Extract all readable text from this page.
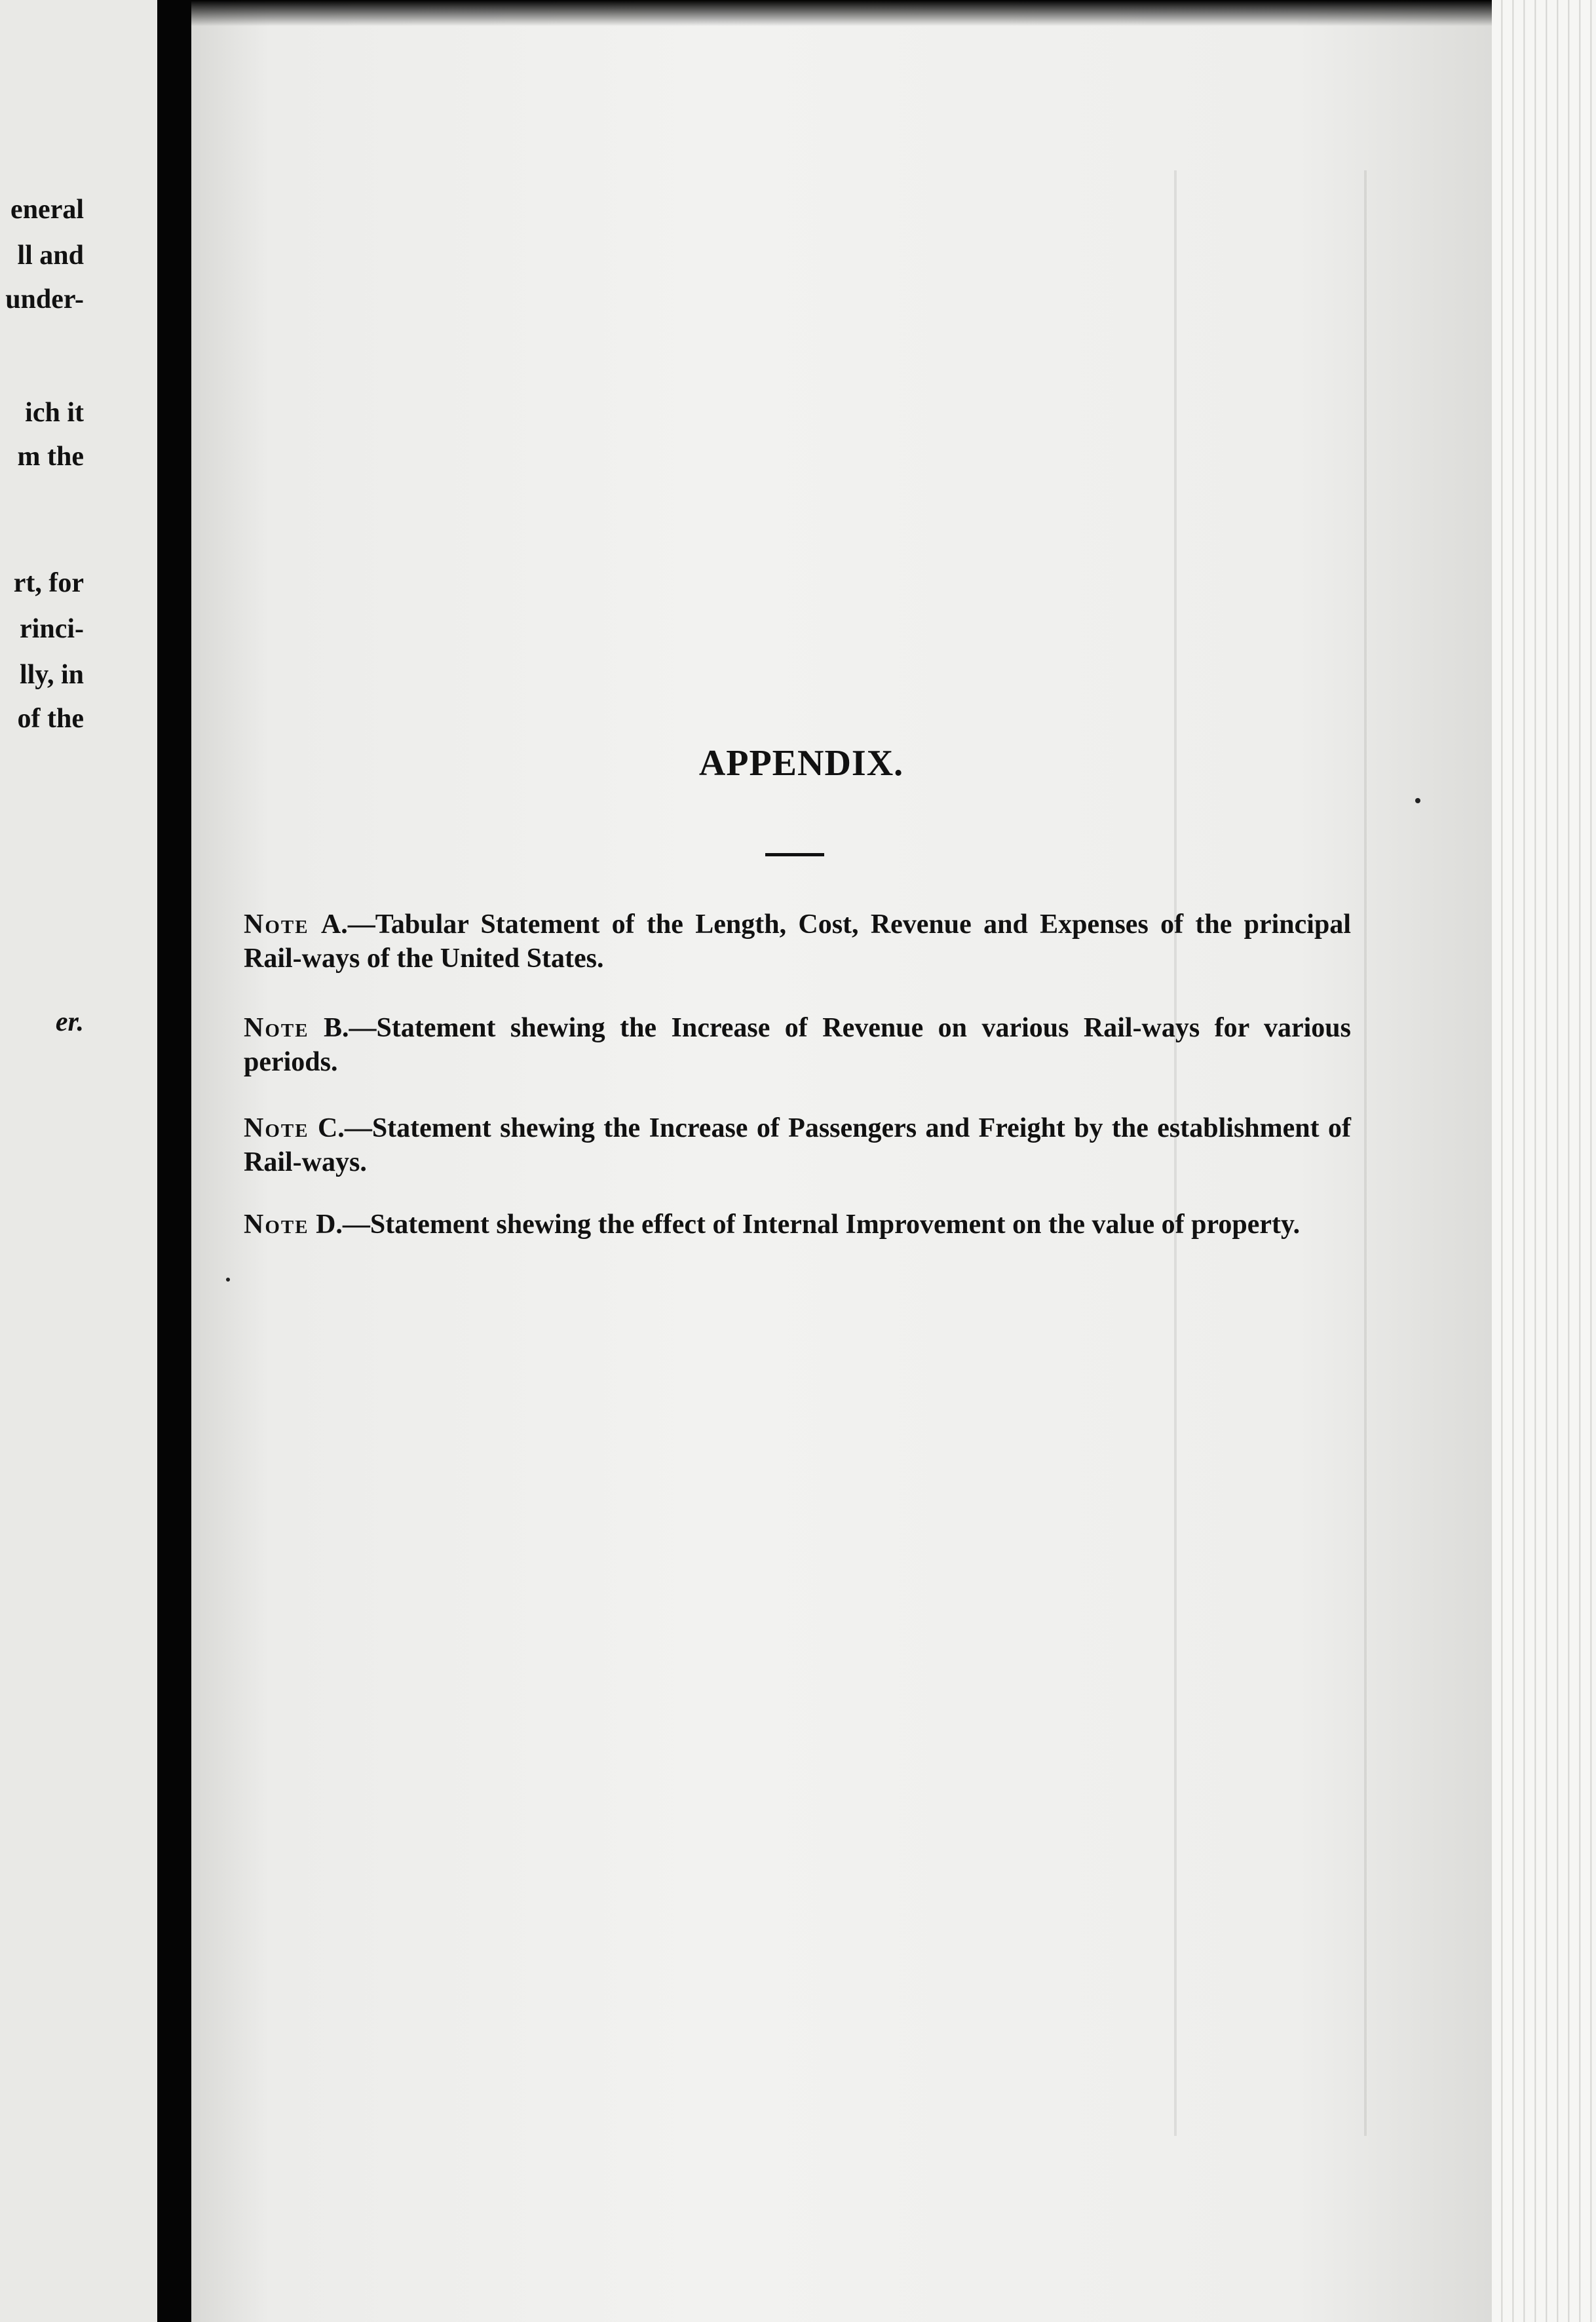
eneral
ll and
under-
ich it
m the
rt, for
rinci-
lly, in
of the
er.
APPENDIX.
Note A.—Tabular Statement of the Length, Cost, Revenue and Expenses of the principal Rail-ways of the United States.
Note B.—Statement shewing the Increase of Revenue on various Rail-ways for various periods.
Note C.—Statement shewing the Increase of Passengers and Freight by the establishment of Rail-ways.
Note D.—Statement shewing the effect of Internal Improvement on the value of property.
